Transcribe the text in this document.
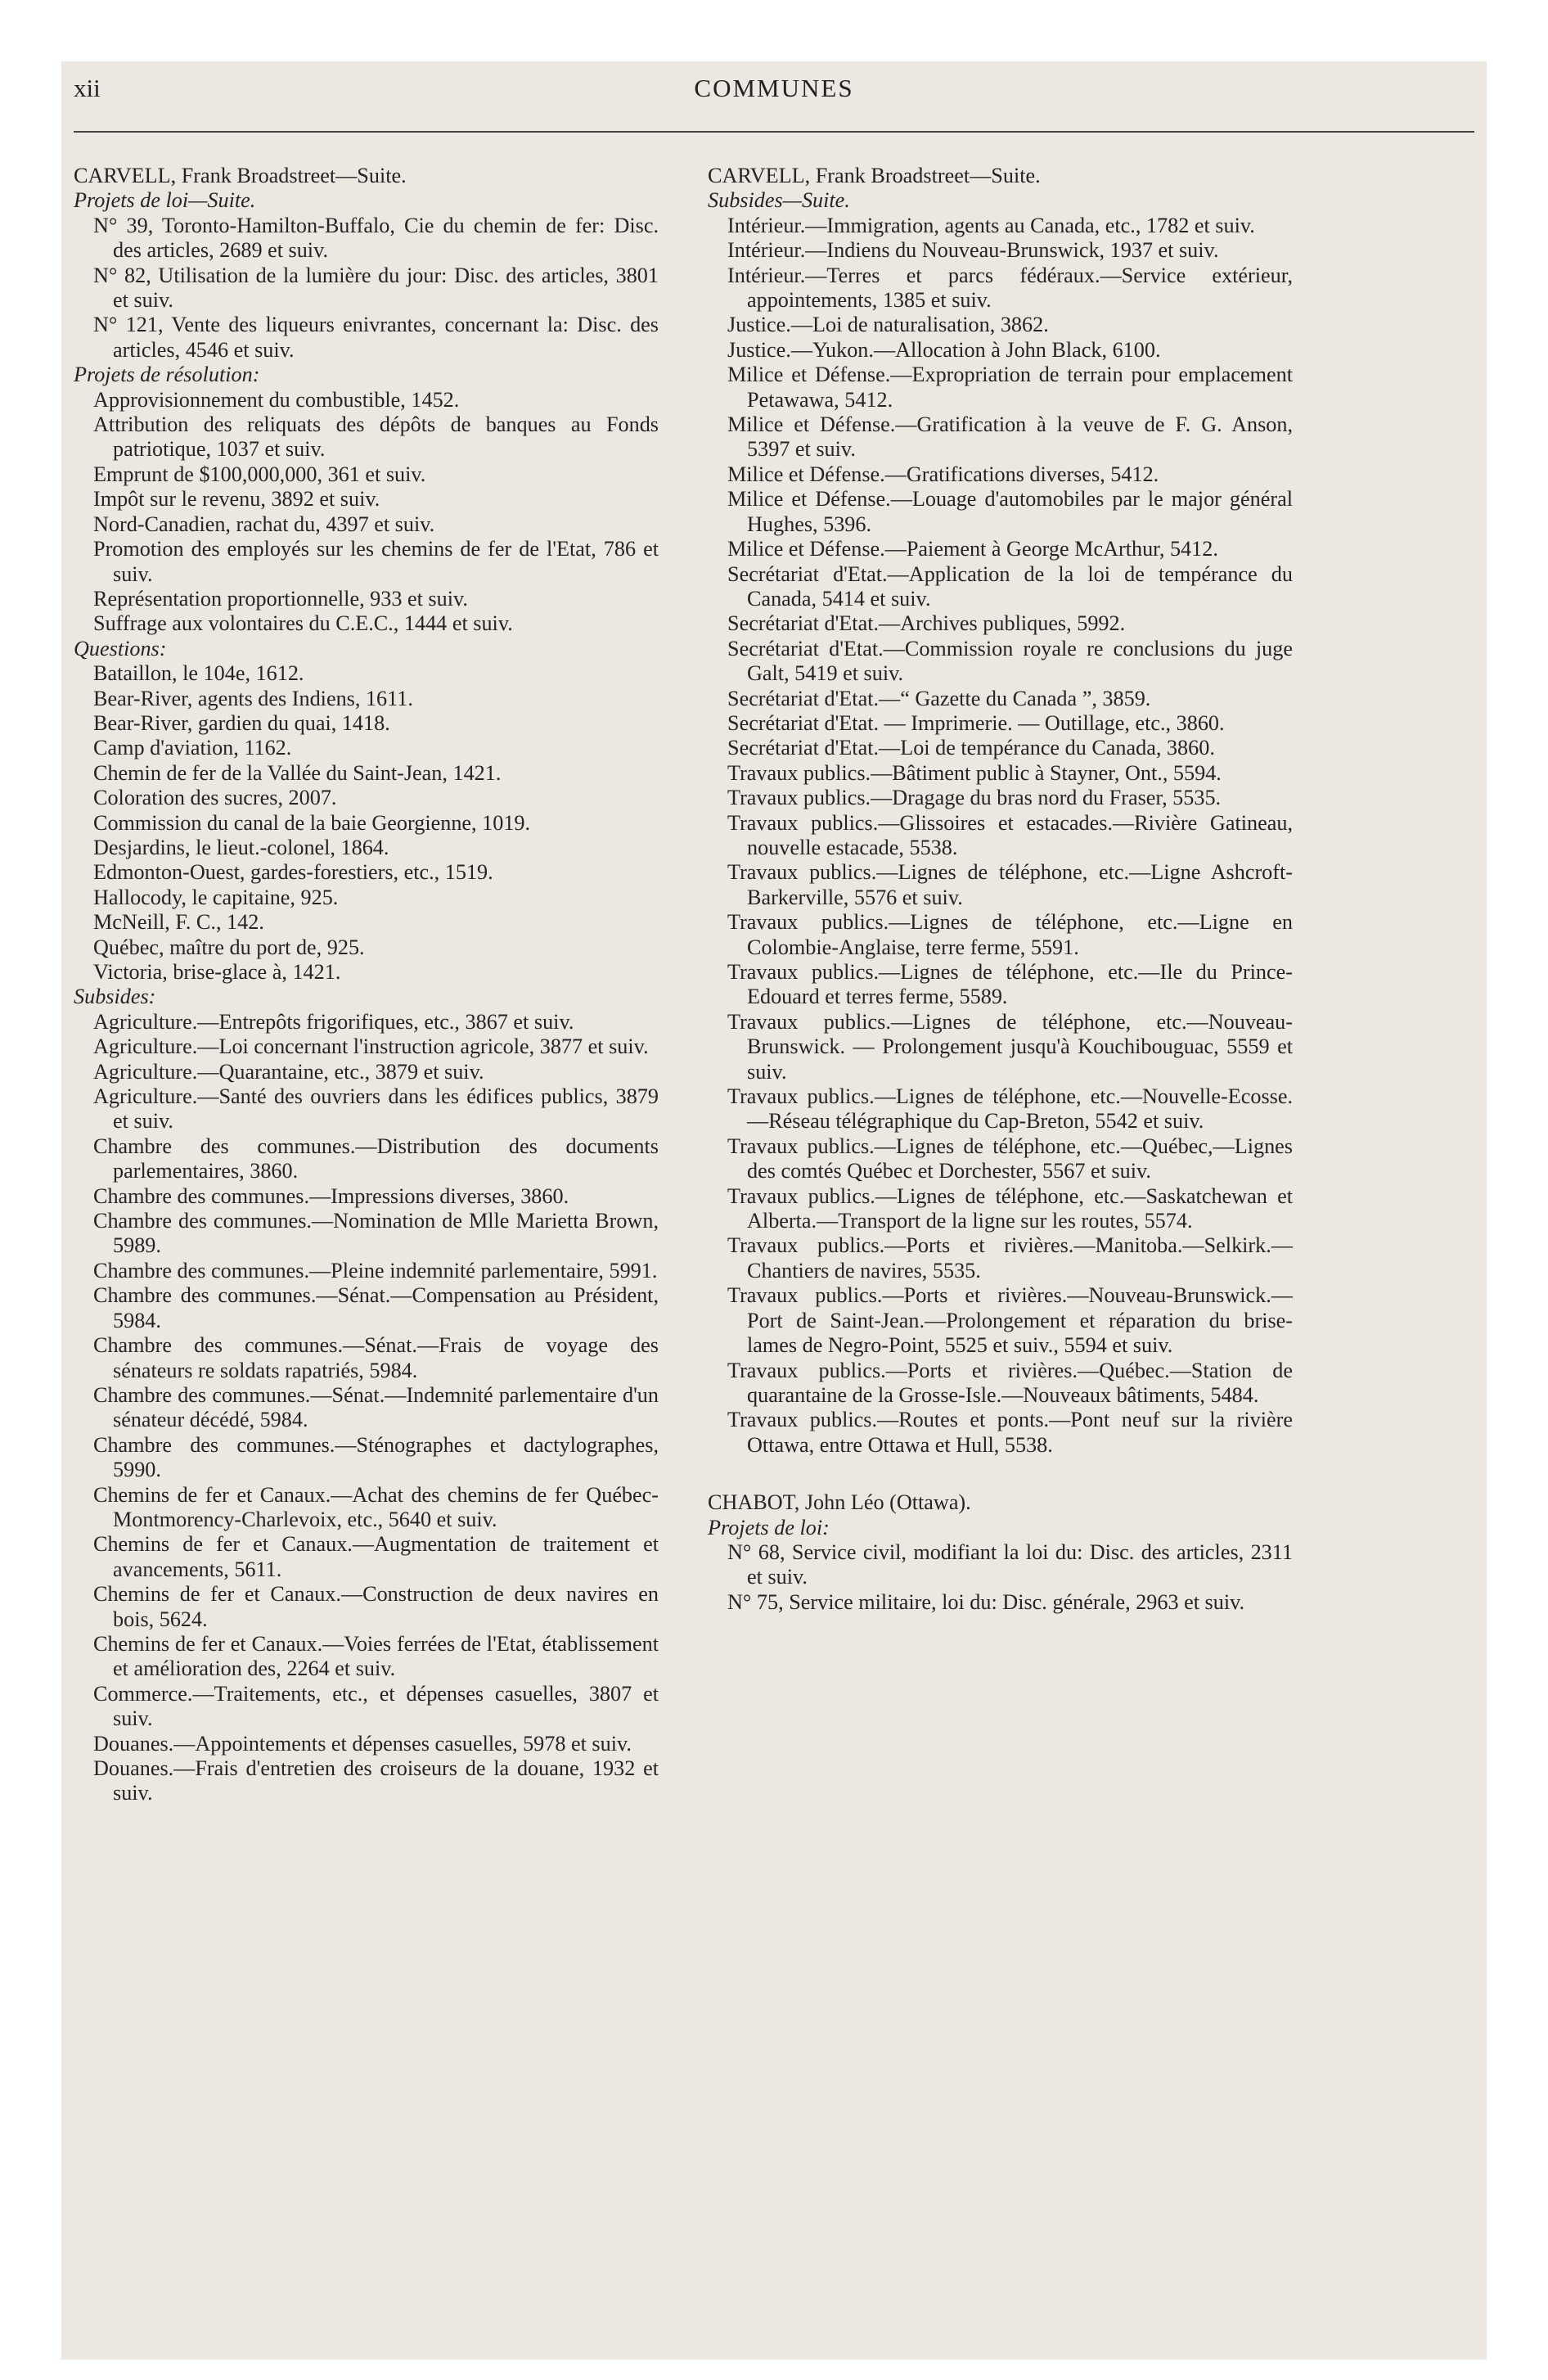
xii	COMMUNES
CARVELL, Frank Broadstreet—Suite.
Projets de loi—Suite.
N° 39, Toronto-Hamilton-Buffalo, Cie du chemin de fer: Disc. des articles, 2689 et suiv.
N° 82, Utilisation de la lumière du jour: Disc. des articles, 3801 et suiv.
N° 121, Vente des liqueurs enivrantes, concernant la: Disc. des articles, 4546 et suiv.
Projets de résolution:
Approvisionnement du combustible, 1452.
Attribution des reliquats des dépôts de banques au Fonds patriotique, 1037 et suiv.
Emprunt de $100,000,000, 361 et suiv.
Impôt sur le revenu, 3892 et suiv.
Nord-Canadien, rachat du, 4397 et suiv.
Promotion des employés sur les chemins de fer de l'Etat, 786 et suiv.
Représentation proportionnelle, 933 et suiv.
Suffrage aux volontaires du C.E.C., 1444 et suiv.
Questions:
Bataillon, le 104e, 1612.
Bear-River, agents des Indiens, 1611.
Bear-River, gardien du quai, 1418.
Camp d'aviation, 1162.
Chemin de fer de la Vallée du Saint-Jean, 1421.
Coloration des sucres, 2007.
Commission du canal de la baie Georgienne, 1019.
Desjardins, le lieut.-colonel, 1864.
Edmonton-Ouest, gardes-forestiers, etc., 1519.
Hallocody, le capitaine, 925.
McNeill, F. C., 142.
Québec, maître du port de, 925.
Victoria, brise-glace à, 1421.
Subsides:
Agriculture.—Entrepôts frigorifiques, etc., 3867 et suiv.
Agriculture.—Loi concernant l'instruction agricole, 3877 et suiv.
Agriculture.—Quarantaine, etc., 3879 et suiv.
Agriculture.—Santé des ouvriers dans les édifices publics, 3879 et suiv.
Chambre des communes.—Distribution des documents parlementaires, 3860.
Chambre des communes.—Impressions diverses, 3860.
Chambre des communes.—Nomination de Mlle Marietta Brown, 5989.
Chambre des communes.—Pleine indemnité parlementaire, 5991.
Chambre des communes.—Sénat.—Compensation au Président, 5984.
Chambre des communes.—Sénat.—Frais de voyage des sénateurs re soldats rapatriés, 5984.
Chambre des communes.—Sénat.—Indemnité parlementaire d'un sénateur décédé, 5984.
Chambre des communes.—Sténographes et dactylographes, 5990.
Chemins de fer et Canaux.—Achat des chemins de fer Québec-Montmorency-Charlevoix, etc., 5640 et suiv.
Chemins de fer et Canaux.—Augmentation de traitement et avancements, 5611.
Chemins de fer et Canaux.—Construction de deux navires en bois, 5624.
Chemins de fer et Canaux.—Voies ferrées de l'Etat, établissement et amélioration des, 2264 et suiv.
Commerce.—Traitements, etc., et dépenses casuelles, 3807 et suiv.
Douanes.—Appointements et dépenses casuelles, 5978 et suiv.
Douanes.—Frais d'entretien des croiseurs de la douane, 1932 et suiv.
CARVELL, Frank Broadstreet—Suite.
Subsides—Suite.
Intérieur.—Immigration, agents au Canada, etc., 1782 et suiv.
Intérieur.—Indiens du Nouveau-Brunswick, 1937 et suiv.
Intérieur.—Terres et parcs fédéraux.—Service extérieur, appointements, 1385 et suiv.
Justice.—Loi de naturalisation, 3862.
Justice.—Yukon.—Allocation à John Black, 6100.
Milice et Défense.—Expropriation de terrain pour emplacement Petawawa, 5412.
Milice et Défense.—Gratification à la veuve de F. G. Anson, 5397 et suiv.
Milice et Défense.—Gratifications diverses, 5412.
Milice et Défense.—Louage d'automobiles par le major général Hughes, 5396.
Milice et Défense.—Paiement à George McArthur, 5412.
Secrétariat d'Etat.—Application de la loi de tempérance du Canada, 5414 et suiv.
Secrétariat d'Etat.—Archives publiques, 5992.
Secrétariat d'Etat.—Commission royale re conclusions du juge Galt, 5419 et suiv.
Secrétariat d'Etat.—“ Gazette du Canada ”, 3859.
Secrétariat d'Etat. — Imprimerie. — Outillage, etc., 3860.
Secrétariat d'Etat.—Loi de tempérance du Canada, 3860.
Travaux publics.—Bâtiment public à Stayner, Ont., 5594.
Travaux publics.—Dragage du bras nord du Fraser, 5535.
Travaux publics.—Glissoires et estacades.—Rivière Gatineau, nouvelle estacade, 5538.
Travaux publics.—Lignes de téléphone, etc.—Ligne Ashcroft-Barkerville, 5576 et suiv.
Travaux publics.—Lignes de téléphone, etc.—Ligne en Colombie-Anglaise, terre ferme, 5591.
Travaux publics.—Lignes de téléphone, etc.—Ile du Prince-Edouard et terres ferme, 5589.
Travaux publics.—Lignes de téléphone, etc.—Nouveau-Brunswick. — Prolongement jusqu'à Kouchibouguac, 5559 et suiv.
Travaux publics.—Lignes de téléphone, etc.—Nouvelle-Ecosse.—Réseau télégraphique du Cap-Breton, 5542 et suiv.
Travaux publics.—Lignes de téléphone, etc.—Québec,—Lignes des comtés Québec et Dorchester, 5567 et suiv.
Travaux publics.—Lignes de téléphone, etc.—Saskatchewan et Alberta.—Transport de la ligne sur les routes, 5574.
Travaux publics.—Ports et rivières.—Manitoba.—Selkirk.—Chantiers de navires, 5535.
Travaux publics.—Ports et rivières.—Nouveau-Brunswick.—Port de Saint-Jean.—Prolongement et réparation du brise-lames de Negro-Point, 5525 et suiv., 5594 et suiv.
Travaux publics.—Ports et rivières.—Québec.—Station de quarantaine de la Grosse-Isle.—Nouveaux bâtiments, 5484.
Travaux publics.—Routes et ponts.—Pont neuf sur la rivière Ottawa, entre Ottawa et Hull, 5538.
CHABOT, John Léo (Ottawa).
Projets de loi:
N° 68, Service civil, modifiant la loi du: Disc. des articles, 2311 et suiv.
N° 75, Service militaire, loi du: Disc. générale, 2963 et suiv.
